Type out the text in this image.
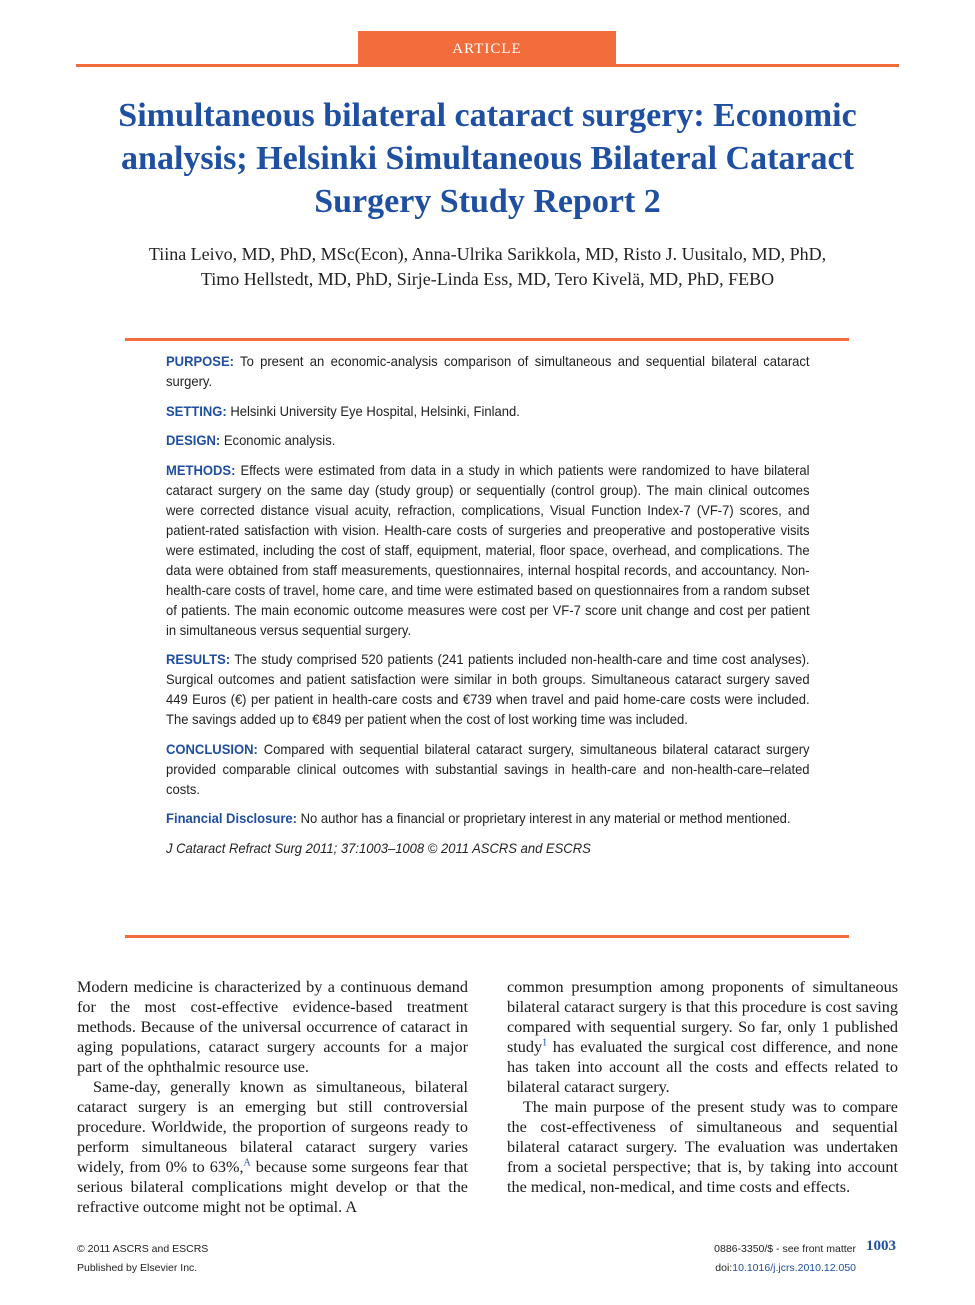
ARTICLE
Simultaneous bilateral cataract surgery: Economic analysis; Helsinki Simultaneous Bilateral Cataract Surgery Study Report 2
Tiina Leivo, MD, PhD, MSc(Econ), Anna-Ulrika Sarikkola, MD, Risto J. Uusitalo, MD, PhD,
Timo Hellstedt, MD, PhD, Sirje-Linda Ess, MD, Tero Kivelä, MD, PhD, FEBO

PURPOSE: To present an economic-analysis comparison of simultaneous and sequential bilateral cataract surgery.

SETTING: Helsinki University Eye Hospital, Helsinki, Finland.

DESIGN: Economic analysis.

METHODS: Effects were estimated from data in a study in which patients were randomized to have bilateral cataract surgery on the same day (study group) or sequentially (control group). The main clinical outcomes were corrected distance visual acuity, refraction, complications, Visual Function Index-7 (VF-7) scores, and patient-rated satisfaction with vision. Health-care costs of surgeries and preoperative and postoperative visits were estimated, including the cost of staff, equipment, material, floor space, overhead, and complications. The data were obtained from staff measurements, questionnaires, internal hospital records, and accountancy. Non-health-care costs of travel, home care, and time were estimated based on questionnaires from a random subset of patients. The main economic outcome measures were cost per VF-7 score unit change and cost per patient in simultaneous versus sequential surgery.

RESULTS: The study comprised 520 patients (241 patients included non-health-care and time cost analyses). Surgical outcomes and patient satisfaction were similar in both groups. Simultaneous cataract surgery saved 449 Euros (€) per patient in health-care costs and €739 when travel and paid home-care costs were included. The savings added up to €849 per patient when the cost of lost working time was included.

CONCLUSION: Compared with sequential bilateral cataract surgery, simultaneous bilateral cataract surgery provided comparable clinical outcomes with substantial savings in health-care and non-health-care–related costs.

Financial Disclosure: No author has a financial or proprietary interest in any material or method mentioned.

J Cataract Refract Surg 2011; 37:1003–1008 © 2011 ASCRS and ESCRS

Modern medicine is characterized by a continuous demand for the most cost-effective evidence-based treatment methods. Because of the universal occurrence of cataract in aging populations, cataract surgery accounts for a major part of the ophthalmic resource use.

Same-day, generally known as simultaneous, bilateral cataract surgery is an emerging but still controversial procedure. Worldwide, the proportion of surgeons ready to perform simultaneous bilateral cataract surgery varies widely, from 0% to 63%,$^A$ because some surgeons fear that serious bilateral complications might develop or that the refractive outcome might not be optimal. A

common presumption among proponents of simultaneous bilateral cataract surgery is that this procedure is cost saving compared with sequential surgery. So far, only 1 published study$^1$ has evaluated the surgical cost difference, and none has taken into account all the costs and effects related to bilateral cataract surgery.

The main purpose of the present study was to compare the cost-effectiveness of simultaneous and sequential bilateral cataract surgery. The evaluation was undertaken from a societal perspective; that is, by taking into account the medical, non-medical, and time costs and effects.

© 2011 ASCRS and ESCRS
Published by Elsevier Inc.
0886-3350/$ - see front matter
doi:10.1016/j.jcrs.2010.12.050
1003
